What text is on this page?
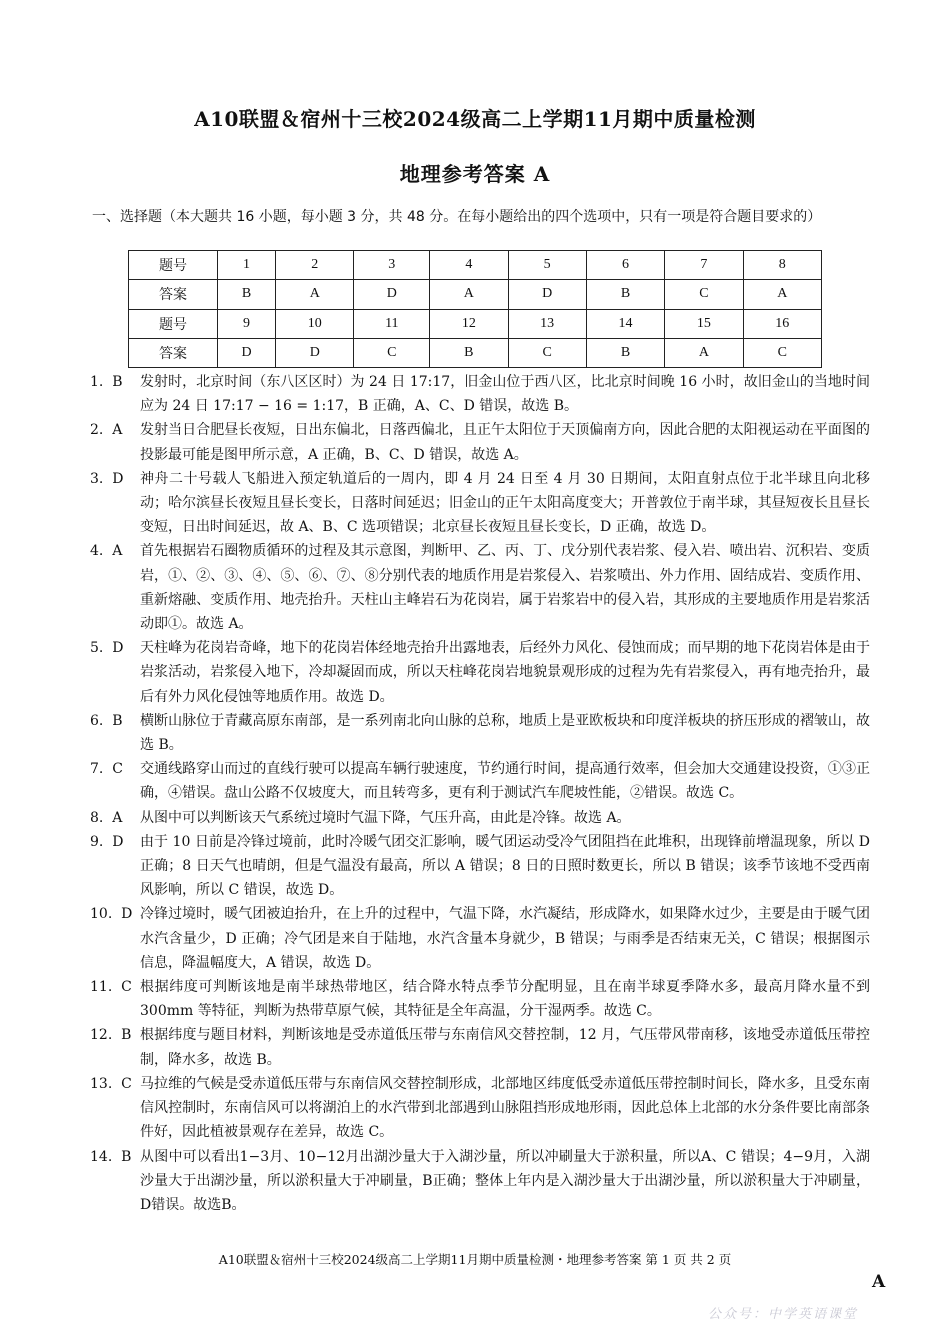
A10联盟＆宿州十三校2024级高二上学期11月期中质量检测
地理参考答案 A
一、选择题（本大题共 16 小题，每小题 3 分，共 48 分。在每小题给出的四个选项中，只有一项是符合题目要求的）
题号	1	2	3	4	5	6	7	8
答案	B	A	D	A	D	B	C	A
题号	9	10	11	12	13	14	15	16
答案	D	D	C	B	C	B	A	C
1.  B	发射时，北京时间（东八区区时）为 24 日 17:17，旧金山位于西八区，比北京时间晚 16 小时，故旧金山的当地时间应为 24 日 17:17 − 16 = 1:17，B 正确，A、C、D 错误，故选 B。
2.  A	发射当日合肥昼长夜短，日出东偏北，日落西偏北，且正午太阳位于天顶偏南方向，因此合肥的太阳视运动在平面图的投影最可能是图甲所示意，A 正确，B、C、D 错误，故选 A。
3.  D	神舟二十号载人飞船进入预定轨道后的一周内，即 4 月 24 日至 4 月 30 日期间，太阳直射点位于北半球且向北移动；哈尔滨昼长夜短且昼长变长，日落时间延迟；旧金山的正午太阳高度变大；开普敦位于南半球，其昼短夜长且昼长变短，日出时间延迟，故 A、B、C 选项错误；北京昼长夜短且昼长变长，D 正确，故选 D。
4.  A	首先根据岩石圈物质循环的过程及其示意图，判断甲、乙、丙、丁、戊分别代表岩浆、侵入岩、喷出岩、沉积岩、变质岩，①、②、③、④、⑤、⑥、⑦、⑧分别代表的地质作用是岩浆侵入、岩浆喷出、外力作用、固结成岩、变质作用、重新熔融、变质作用、地壳抬升。天柱山主峰岩石为花岗岩，属于岩浆岩中的侵入岩，其形成的主要地质作用是岩浆活动即①。故选 A。
5.  D	天柱峰为花岗岩奇峰，地下的花岗岩体经地壳抬升出露地表，后经外力风化、侵蚀而成；而早期的地下花岗岩体是由于岩浆活动，岩浆侵入地下，冷却凝固而成，所以天柱峰花岗岩地貌景观形成的过程为先有岩浆侵入，再有地壳抬升，最后有外力风化侵蚀等地质作用。故选 D。
6.  B	横断山脉位于青藏高原东南部，是一系列南北向山脉的总称，地质上是亚欧板块和印度洋板块的挤压形成的褶皱山，故选 B。
7.  C	交通线路穿山而过的直线行驶可以提高车辆行驶速度，节约通行时间，提高通行效率，但会加大交通建设投资，①③正确，④错误。盘山公路不仅坡度大，而且转弯多，更有利于测试汽车爬坡性能，②错误。故选 C。
8.  A	从图中可以判断该天气系统过境时气温下降，气压升高，由此是冷锋。故选 A。
9.  D	由于 10 日前是冷锋过境前，此时冷暖气团交汇影响，暖气团运动受冷气团阻挡在此堆积，出现锋前增温现象，所以 D 正确；8 日天气也晴朗，但是气温没有最高，所以 A 错误；8 日的日照时数更长，所以 B 错误；该季节该地不受西南风影响，所以 C 错误，故选 D。
10.  D 冷锋过境时，暖气团被迫抬升，在上升的过程中，气温下降，水汽凝结，形成降水，如果降水过少，主要是由于暖气团水汽含量少，D 正确；冷气团是来自于陆地，水汽含量本身就少，B 错误；与雨季是否结束无关，C 错误；根据图示信息，降温幅度大，A 错误，故选 D。
11.  C 根据纬度可判断该地是南半球热带地区，结合降水特点季节分配明显，且在南半球夏季降水多，最高月降水量不到 300mm 等特征，判断为热带草原气候，其特征是全年高温，分干湿两季。故选 C。
12.  B 根据纬度与题目材料，判断该地是受赤道低压带与东南信风交替控制，12 月，气压带风带南移，该地受赤道低压带控制，降水多，故选 B。
13.  C 马拉维的气候是受赤道低压带与东南信风交替控制形成，北部地区纬度低受赤道低压带控制时间长，降水多，且受东南信风控制时，东南信风可以将湖泊上的水汽带到北部遇到山脉阻挡形成地形雨，因此总体上北部的水分条件要比南部条件好，因此植被景观存在差异，故选 C。
14.  B 从图中可以看出1−3月、10−12月出湖沙量大于入湖沙量，所以冲刷量大于淤积量，所以A、C 错误；4−9月，入湖沙量大于出湖沙量，所以淤积量大于冲刷量，B正确；整体上年内是入湖沙量大于出湖沙量，所以淤积量大于冲刷量，D错误。故选B。
A10联盟＆宿州十三校2024级高二上学期11月期中质量检测・地理参考答案 第 1 页 共 2 页
A
公众号：中学英语课堂
